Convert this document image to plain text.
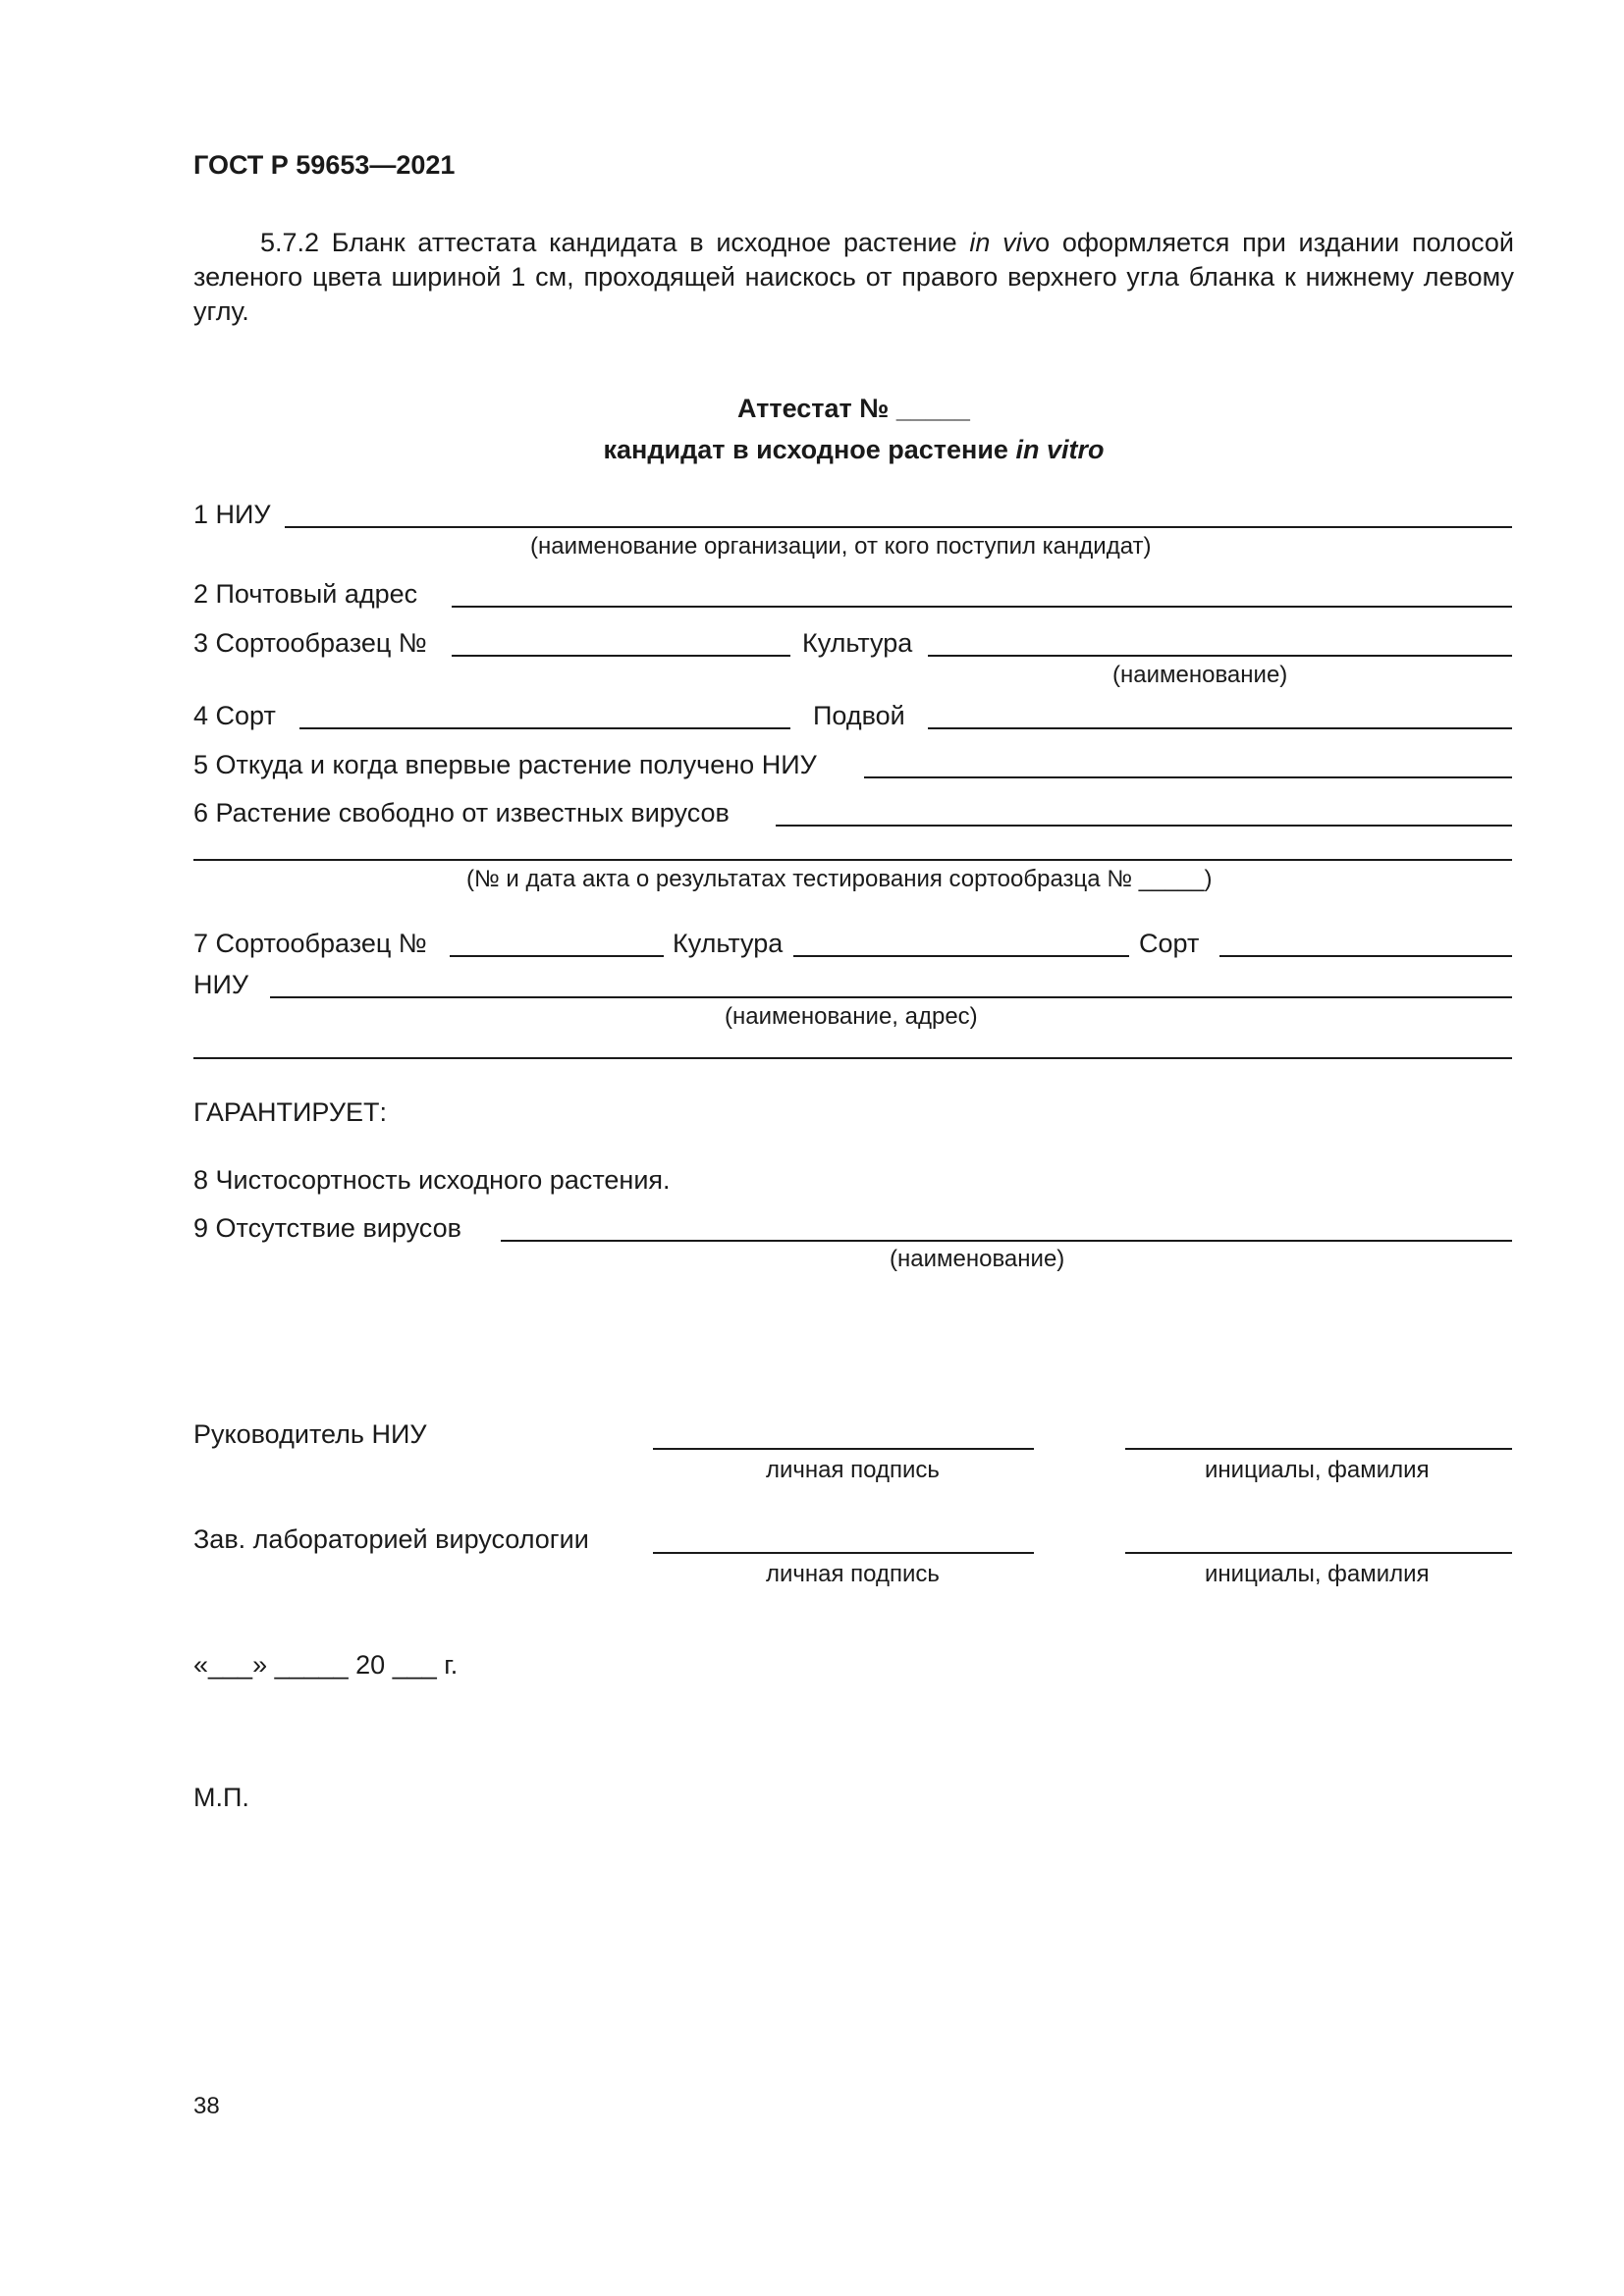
ГОСТ Р 59653—2021
5.7.2 Бланк аттестата кандидата в исходное растение in vivо оформляется при издании полосой зеленого цвета шириной 1 см, проходящей наискось от правого верхнего угла бланка к нижнему левому углу.
Аттестат № _____
кандидат в исходное растение in vitro
1 НИУ
(наименование организации, от кого поступил кандидат)
2 Почтовый адрес
3 Сортообразец №	Культура
(наименование)
4 Сорт	Подвой
5 Откуда и когда впервые растение получено НИУ
6 Растение свободно от известных вирусов
(№ и дата акта о результатах тестирования сортообразца № _____)
7 Сортообразец №	Культура	Сорт
НИУ
(наименование, адрес)
ГАРАНТИРУЕТ:
8 Чистосортность исходного растения.
9 Отсутствие вирусов
(наименование)
Руководитель НИУ
личная подпись	инициалы, фамилия
Зав. лабораторией вирусологии
личная подпись	инициалы, фамилия
«___» _____ 20 ___ г.
М.П.
38
